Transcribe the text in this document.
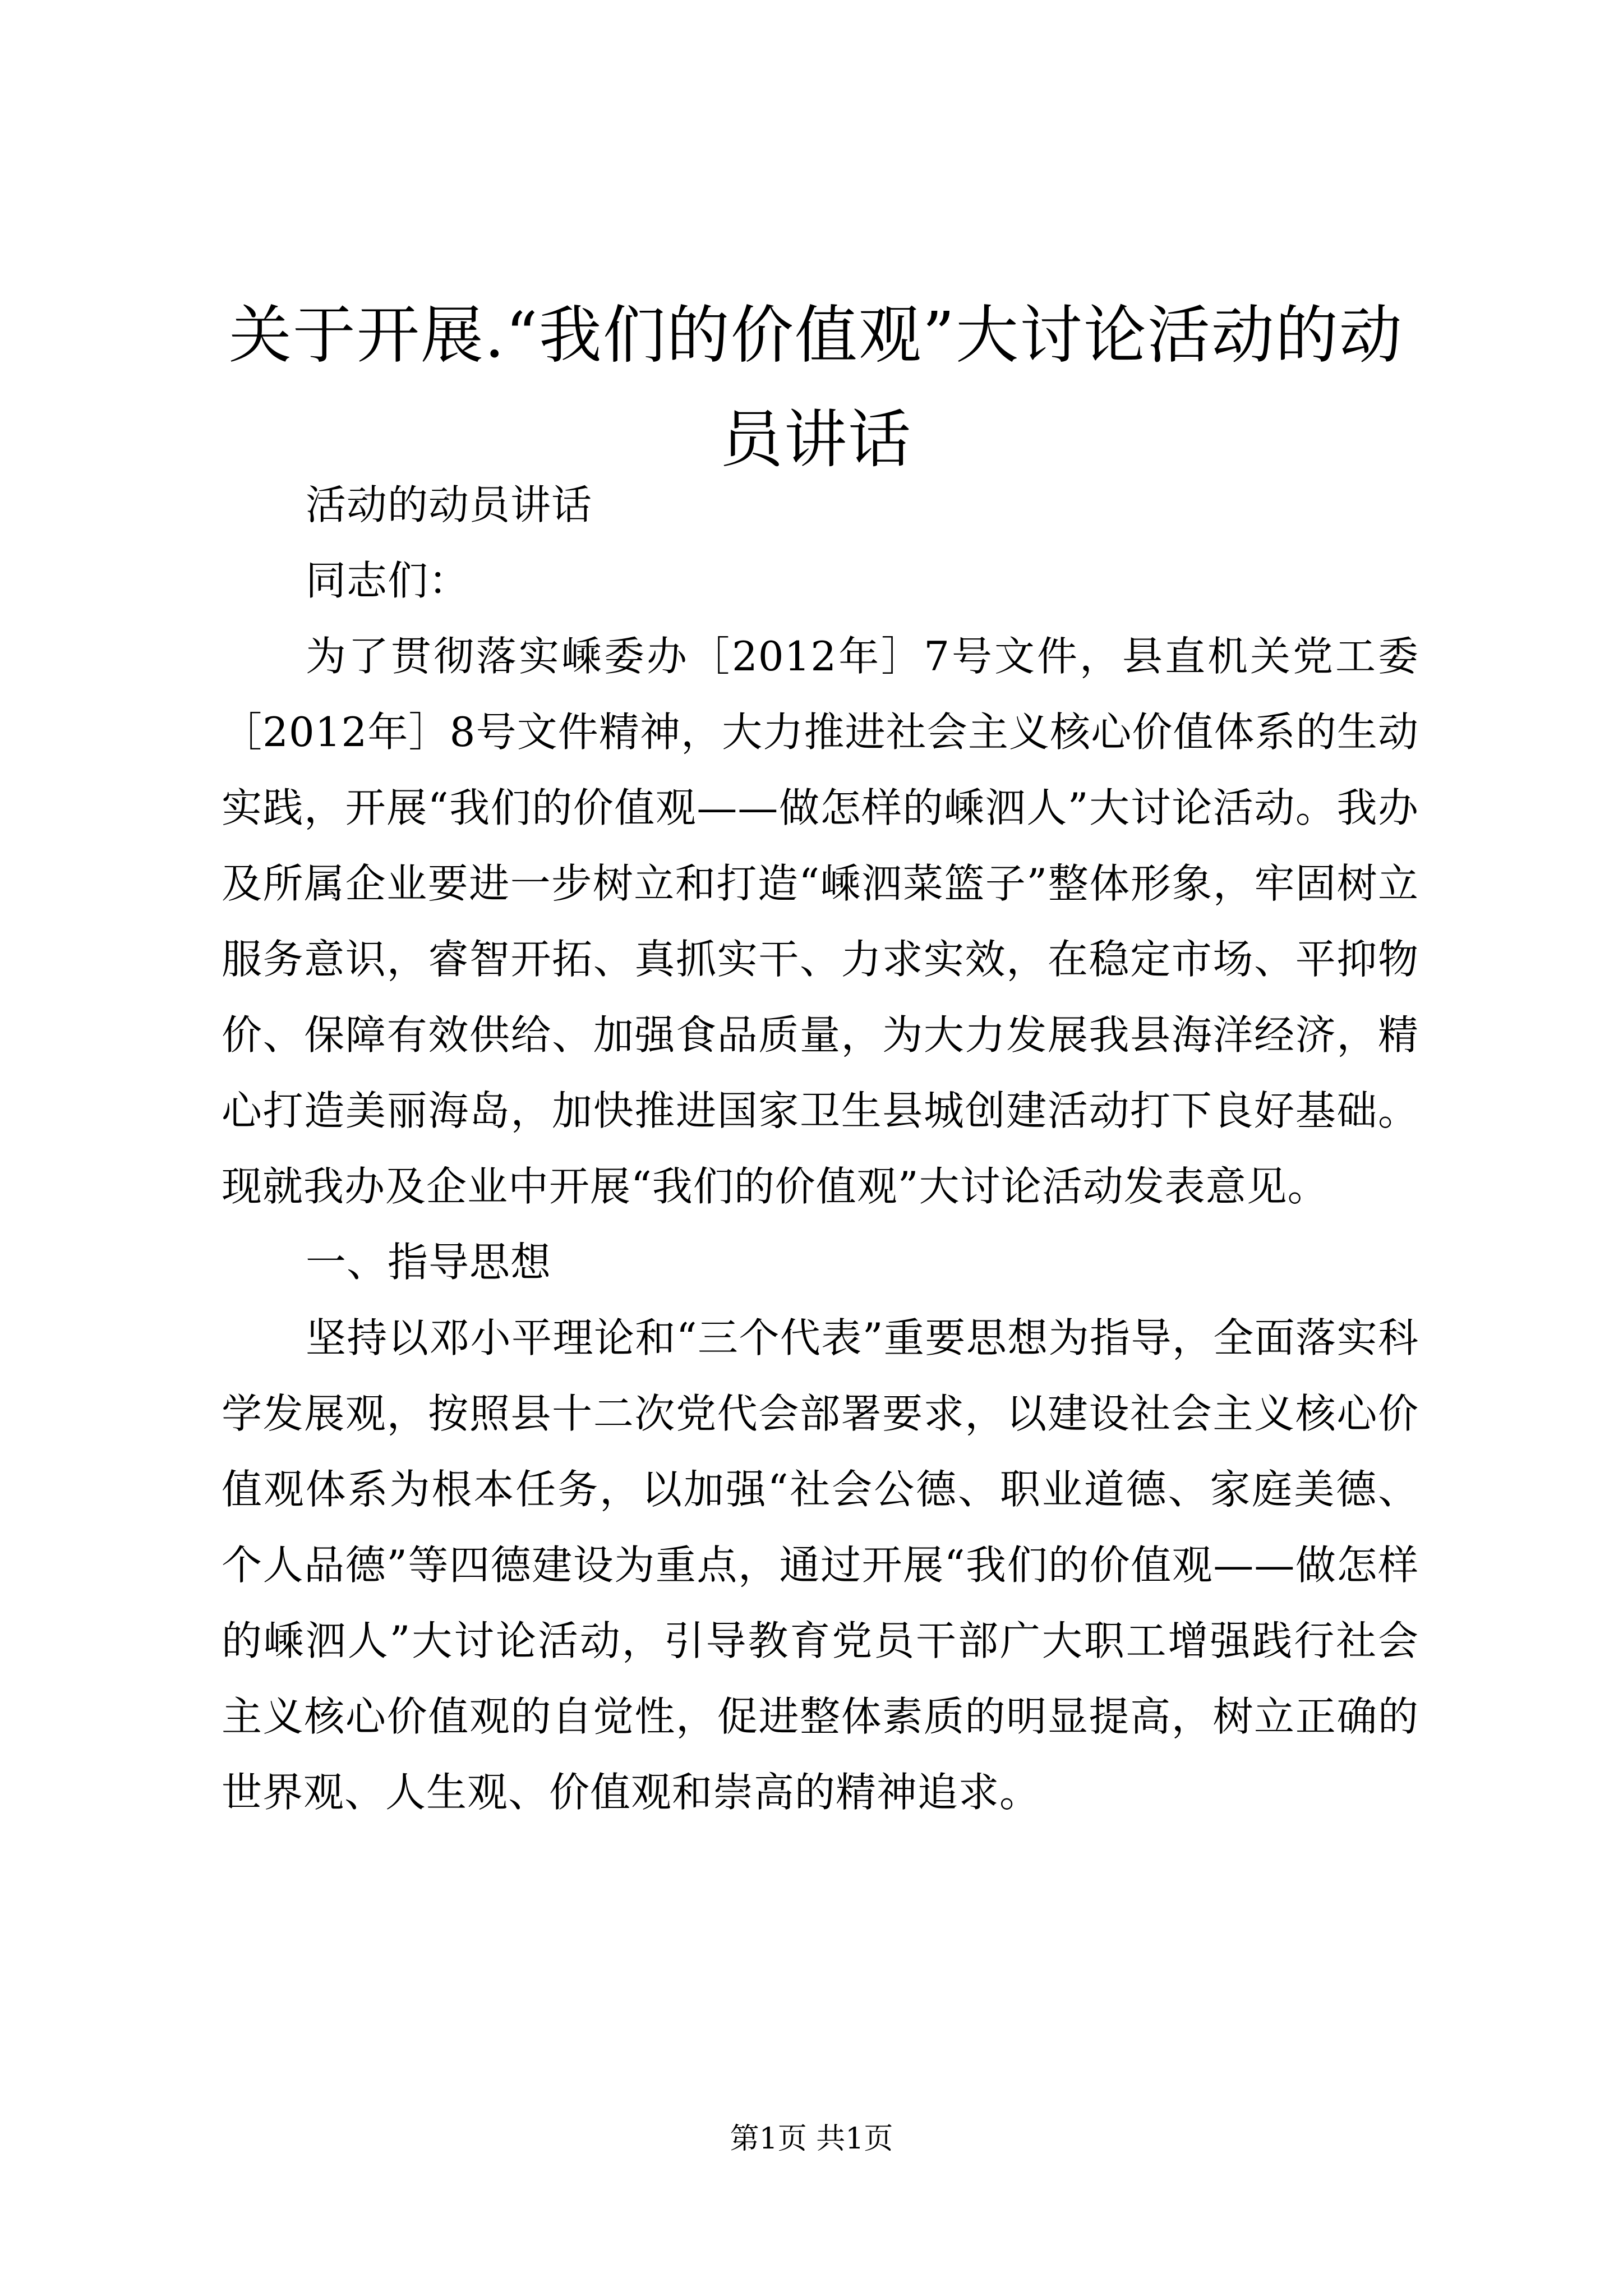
关于开展.“我们的价值观”大讨论活动的动员讲话

活动的动员讲话

同志们：

为了贯彻落实嵊委办［2012年］7号文件，县直机关党工委［2012年］8号文件精神，大力推进社会主义核心价值体系的生动实践，开展“我们的价值观——做怎样的嵊泗人”大讨论活动。我办及所属企业要进一步树立和打造“嵊泗菜篮子”整体形象，牢固树立服务意识，睿智开拓、真抓实干、力求实效，在稳定市场、平抑物价、保障有效供给、加强食品质量，为大力发展我县海洋经济，精心打造美丽海岛，加快推进国家卫生县城创建活动打下良好基础。现就我办及企业中开展“我们的价值观”大讨论活动发表意见。

一、指导思想

坚持以邓小平理论和“三个代表”重要思想为指导，全面落实科学发展观，按照县十二次党代会部署要求，以建设社会主义核心价值观体系为根本任务，以加强“社会公德、职业道德、家庭美德、个人品德”等四德建设为重点，通过开展“我们的价值观——做怎样的嵊泗人”大讨论活动，引导教育党员干部广大职工增强践行社会主义核心价值观的自觉性，促进整体素质的明显提高，树立正确的世界观、人生观、价值观和崇高的精神追求。

第1页 共1页
